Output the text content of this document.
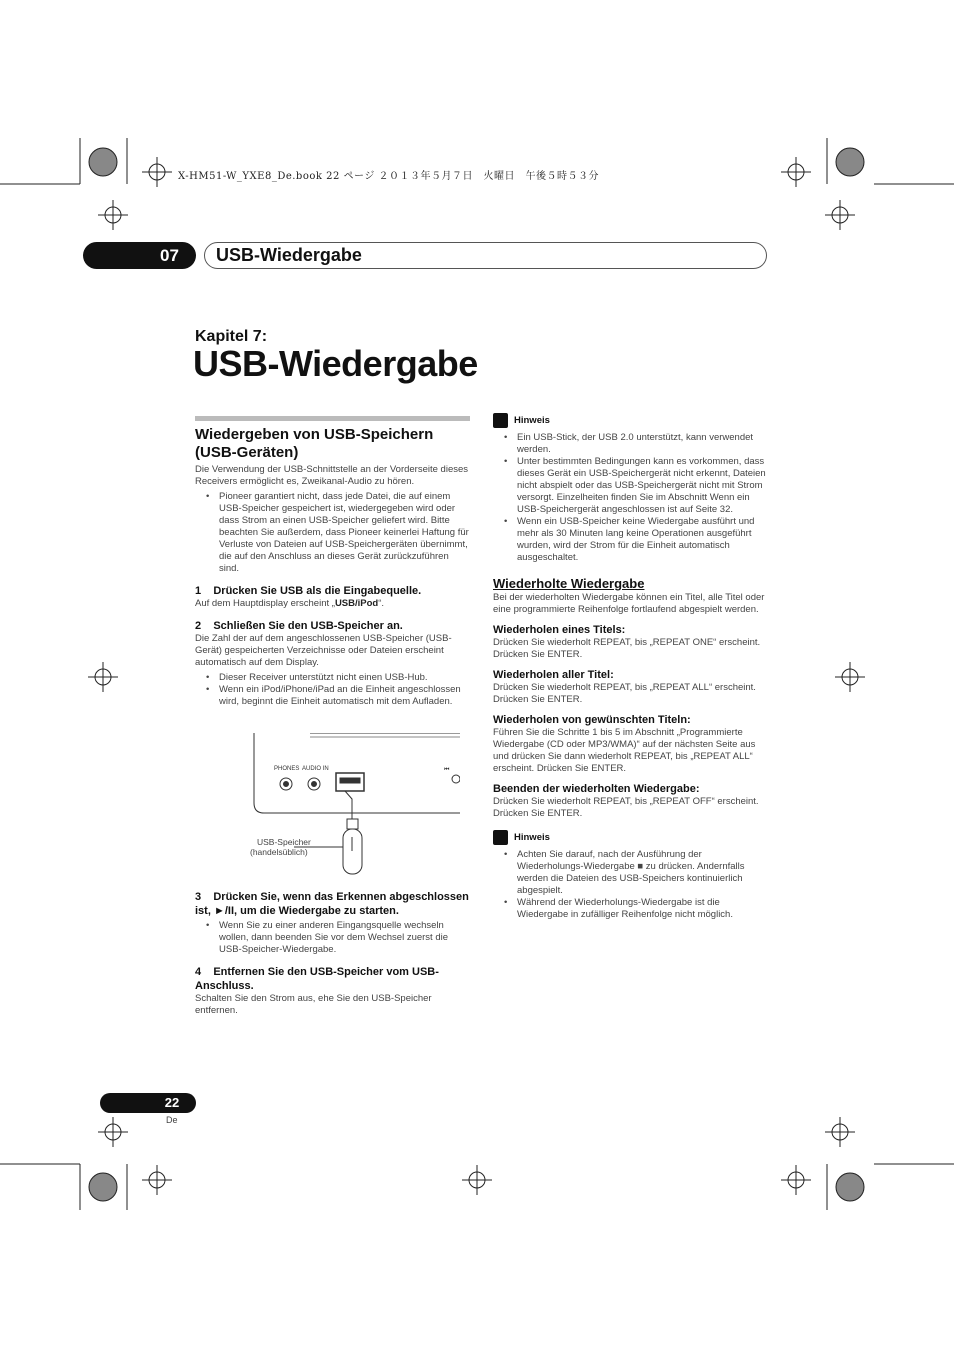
X-HM51-W_YXE8_De.book 22 ページ ２０１３年５月７日　火曜日　午後５時５３分
07	USB-Wiedergabe
Kapitel 7:
USB-Wiedergabe
Wiedergeben von USB-Speichern (USB-Geräten)

Die Verwendung der USB-Schnittstelle an der Vorderseite dieses Receivers ermöglicht es, Zweikanal-Audio zu hören.

• Pioneer garantiert nicht, dass jede Datei, die auf einem USB-Speicher gespeichert ist, wiedergegeben wird oder dass Strom an einen USB-Speicher geliefert wird. Bitte beachten Sie außerdem, dass Pioneer keinerlei Haftung für Verluste von Dateien auf USB-Speichergeräten übernimmt, die auf den Anschluss an dieses Gerät zurückzuführen sind.
1    Drücken Sie USB als die Eingabequelle.

Auf dem Hauptdisplay erscheint „USB/iPod“.

2    Schließen Sie den USB-Speicher an.

Die Zahl der auf dem angeschlossenen USB-Speicher (USB-Gerät) gespeicherten Verzeichnisse oder Dateien erscheint automatisch auf dem Display.

• Dieser Receiver unterstützt nicht einen USB-Hub.
• Wenn ein iPod/iPhone/iPad an die Einheit angeschlossen wird, beginnt die Einheit automatisch mit dem Aufladen.
PHONES AUDIO IN	⏮
USB-Speicher
(handelsüblich)
3    Drücken Sie, wenn das Erkennen abgeschlossen ist, ►/II, um die Wiedergabe zu starten.
• Wenn Sie zu einer anderen Eingangsquelle wechseln wollen, dann beenden Sie vor dem Wechsel zuerst die USB-Speicher-Wiedergabe.
4    Entfernen Sie den USB-Speicher vom USB-Anschluss.

Schalten Sie den Strom aus, ehe Sie den USB-Speicher entfernen.

Hinweis
• Ein USB-Stick, der USB 2.0 unterstützt, kann verwendet werden.
• Unter bestimmten Bedingungen kann es vorkommen, dass dieses Gerät ein USB-Speichergerät nicht erkennt, Dateien nicht abspielt oder das USB-Speichergerät nicht mit Strom versorgt. Einzelheiten finden Sie im Abschnitt Wenn ein USB-Speichergerät angeschlossen ist auf Seite 32.
• Wenn ein USB-Speicher keine Wiedergabe ausführt und mehr als 30 Minuten lang keine Operationen ausgeführt wurden, wird der Strom für die Einheit automatisch ausgeschaltet.
Wiederholte Wiedergabe

Bei der wiederholten Wiedergabe können ein Titel, alle Titel oder eine programmierte Reihenfolge fortlaufend abgespielt werden.

Wiederholen eines Titels:

Drücken Sie wiederholt REPEAT, bis „REPEAT ONE“ erscheint. Drücken Sie ENTER.

Wiederholen aller Titel:

Drücken Sie wiederholt REPEAT, bis „REPEAT ALL“ erscheint. Drücken Sie ENTER.

Wiederholen von gewünschten Titeln:

Führen Sie die Schritte 1 bis 5 im Abschnitt „Programmierte Wiedergabe (CD oder MP3/WMA)“ auf der nächsten Seite aus und drücken Sie dann wiederholt REPEAT, bis „REPEAT ALL“ erscheint. Drücken Sie ENTER.

Beenden der wiederholten Wiedergabe:

Drücken Sie wiederholt REPEAT, bis „REPEAT OFF“ erscheint. Drücken Sie ENTER.

Hinweis
• Achten Sie darauf, nach der Ausführung der Wiederholungs-Wiedergabe ■ zu drücken. Andernfalls werden die Dateien des USB-Speichers kontinuierlich abgespielt.
• Während der Wiederholungs-Wiedergabe ist die Wiedergabe in zufälliger Reihenfolge nicht möglich.
22
De
